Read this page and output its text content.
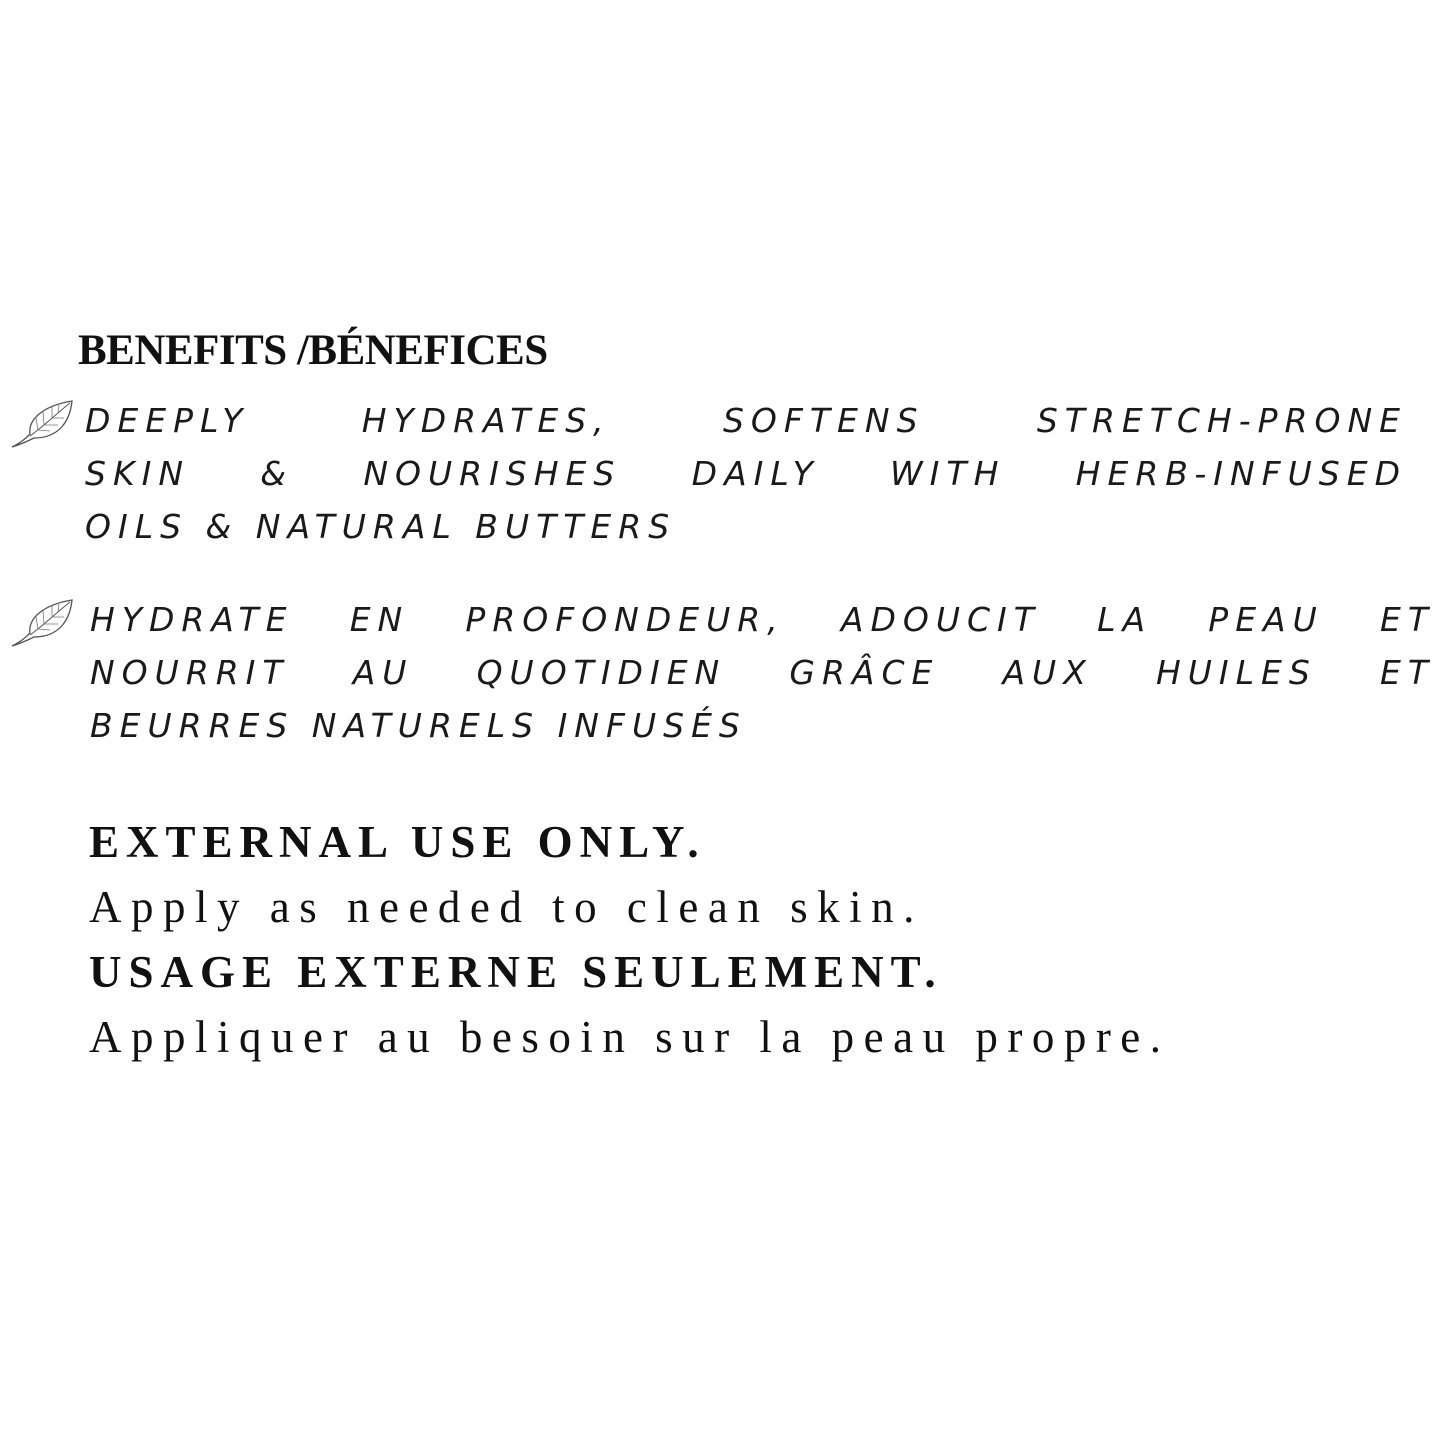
BENEFITS /BÉNEFICES
DEEPLY HYDRATES, SOFTENS STRETCH-PRONE
SKIN & NOURISHES DAILY WITH HERB-INFUSED
OILS & NATURAL BUTTERS
HYDRATE EN PROFONDEUR, ADOUCIT LA PEAU ET
NOURRIT AU QUOTIDIEN GRÂCE AUX HUILES ET
BEURRES NATURELS INFUSÉS
EXTERNAL USE ONLY.
Apply as needed to clean skin.
USAGE EXTERNE SEULEMENT.
Appliquer au besoin sur la peau propre.
